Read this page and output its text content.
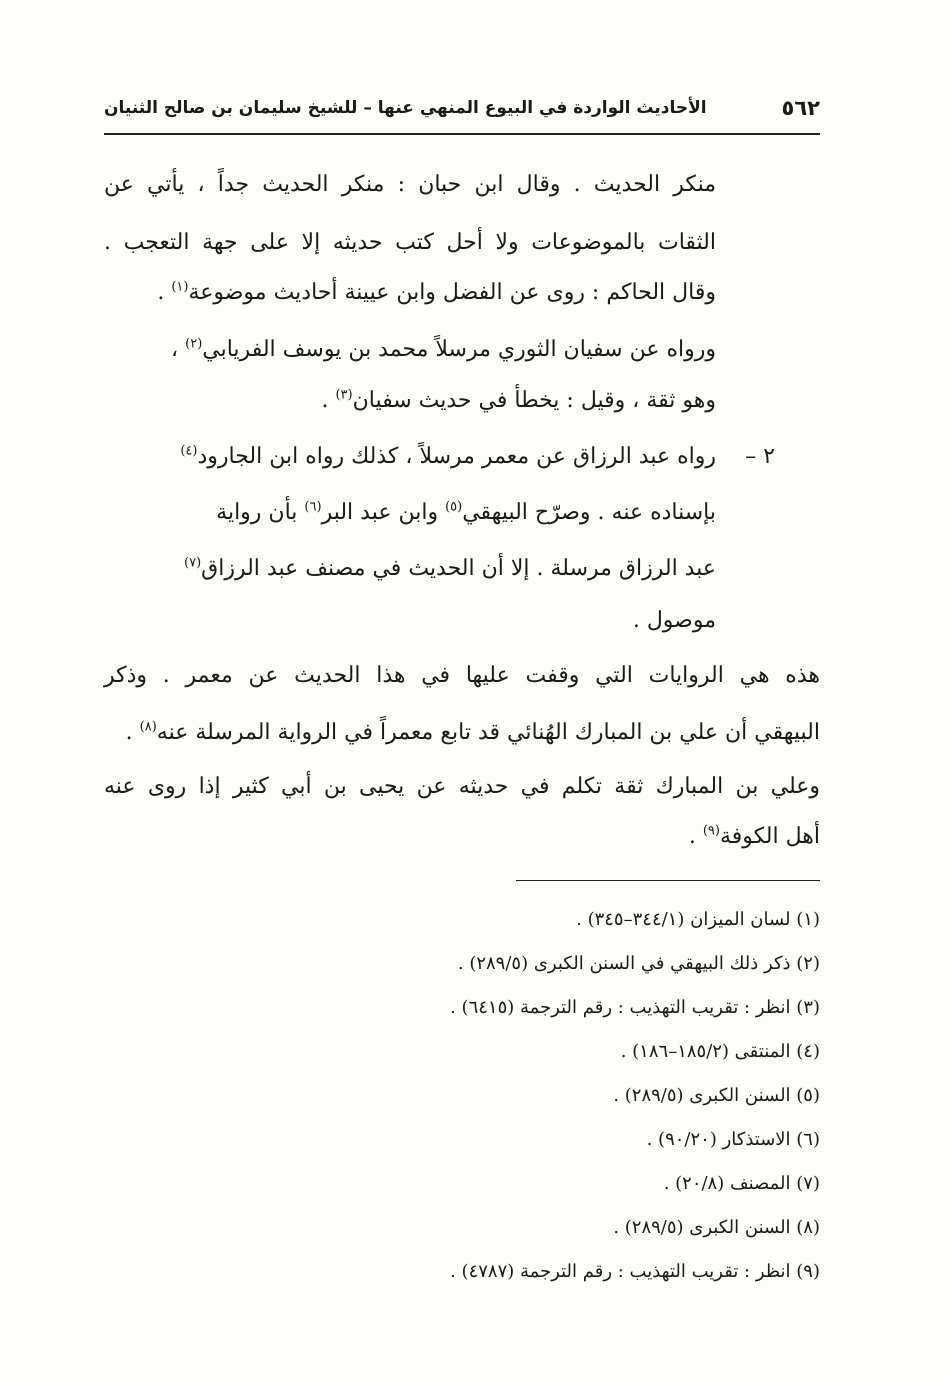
٥٦٢
الأحاديث الواردة في البيوع المنهي عنها – للشيخ سليمان بن صالح الثنيان
منكر الحديث . وقال ابن حبان : منكر الحديث جداً ، يأتي عن
الثقات بالموضوعات ولا أحل كتب حديثه إلا على جهة التعجب .
وقال الحاكم : روى عن الفضل وابن عيينة أحاديث موضوعة$^{(١)}$ .
ورواه عن سفيان الثوري مرسلاً محمد بن يوسف الفريابي$^{(٢)}$ ،
وهو ثقة ، وقيل : يخطأ في حديث سفيان$^{(٣)}$ .
٢ –
رواه عبد الرزاق عن معمر مرسلاً ، كذلك رواه ابن الجارود$^{(٤)}$
بإسناده عنه . وصرّح البيهقي$^{(٥)}$ وابن عبد البر$^{(٦)}$ بأن رواية
عبد الرزاق مرسلة . إلا أن الحديث في مصنف عبد الرزاق$^{(٧)}$
موصول .
هذه هي الروايات التي وقفت عليها في هذا الحديث عن معمر . وذكر
البيهقي أن علي بن المبارك الهُنائي قد تابع معمراً في الرواية المرسلة عنه$^{(٨)}$ .
وعلي بن المبارك ثقة تكلم في حديثه عن يحيى بن أبي كثير إذا روى عنه
أهل الكوفة$^{(٩)}$ .
(١) لسان الميزان (٣٤٤/١–٣٤٥) .
(٢) ذكر ذلك البيهقي في السنن الكبرى (٢٨٩/٥) .
(٣) انظر : تقريب التهذيب : رقم الترجمة (٦٤١٥) .
(٤) المنتقى (١٨٥/٢–١٨٦) .
(٥) السنن الكبرى (٢٨٩/٥) .
(٦) الاستذكار (٩٠/٢٠) .
(٧) المصنف (٢٠/٨) .
(٨) السنن الكبرى (٢٨٩/٥) .
(٩) انظر : تقريب التهذيب : رقم الترجمة (٤٧٨٧) .
